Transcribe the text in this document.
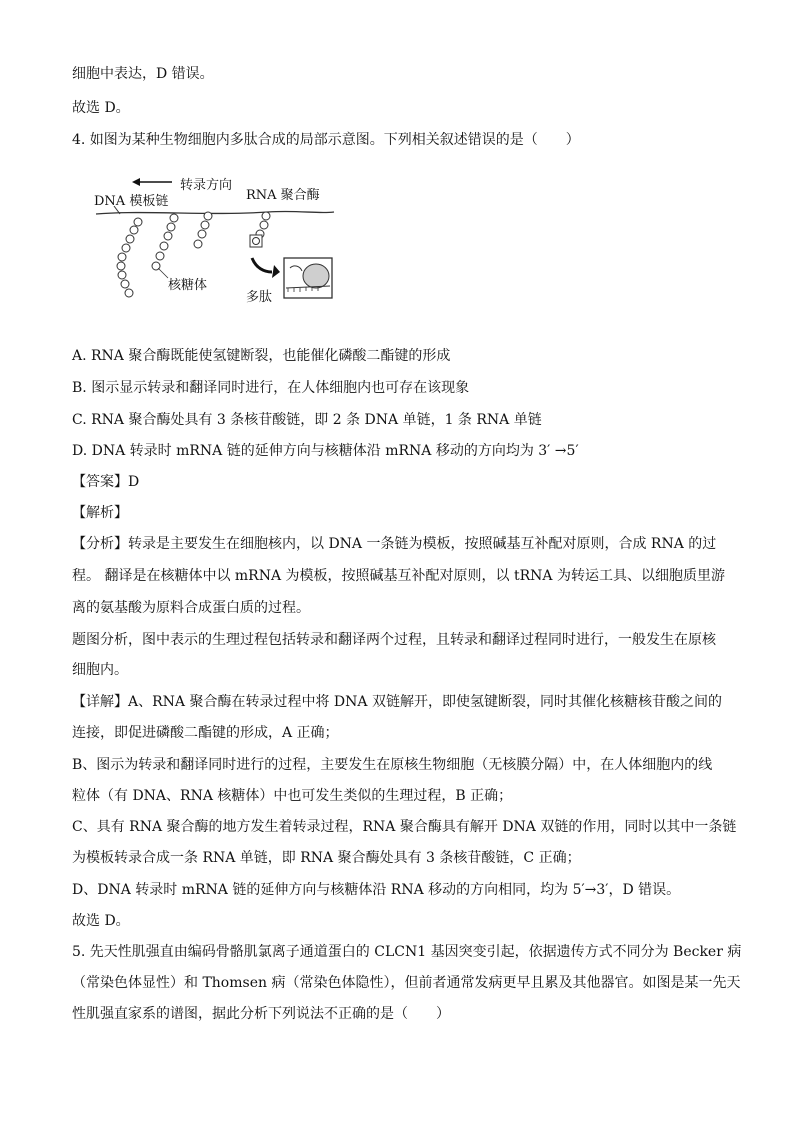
细胞中表达，D 错误。
故选 D。
4. 如图为某种生物细胞内多肽合成的局部示意图。下列相关叙述错误的是（　　）
转录方向
DNA 模板链	RNA 聚合酶
核糖体
多肽
A. RNA 聚合酶既能使氢键断裂，也能催化磷酸二酯键的形成
B. 图示显示转录和翻译同时进行，在人体细胞内也可存在该现象
C. RNA 聚合酶处具有 3 条核苷酸链，即 2 条 DNA 单链，1 条 RNA 单链
D. DNA 转录时 mRNA 链的延伸方向与核糖体沿 mRNA 移动的方向均为 3′ →5′
【答案】D
【解析】
【分析】转录是主要发生在细胞核内，以 DNA 一条链为模板，按照碱基互补配对原则，合成 RNA 的过
程。 翻译是在核糖体中以 mRNA 为模板，按照碱基互补配对原则，以 tRNA 为转运工具、以细胞质里游
离的氨基酸为原料合成蛋白质的过程。
题图分析，图中表示的生理过程包括转录和翻译两个过程，且转录和翻译过程同时进行，一般发生在原核
细胞内。
【详解】A、RNA 聚合酶在转录过程中将 DNA 双链解开，即使氢键断裂，同时其催化核糖核苷酸之间的
连接，即促进磷酸二酯键的形成，A 正确；
B、图示为转录和翻译同时进行的过程，主要发生在原核生物细胞（无核膜分隔）中，在人体细胞内的线
粒体（有 DNA、RNA 核糖体）中也可发生类似的生理过程，B 正确；
C、具有 RNA 聚合酶的地方发生着转录过程，RNA 聚合酶具有解开 DNA 双链的作用，同时以其中一条链
为模板转录合成一条 RNA 单链，即 RNA 聚合酶处具有 3 条核苷酸链，C 正确；
D、DNA 转录时 mRNA 链的延伸方向与核糖体沿 RNA 移动的方向相同，均为 5′→3′，D 错误。
故选 D。
5. 先天性肌强直由编码骨骼肌氯离子通道蛋白的 CLCN1 基因突变引起，依据遗传方式不同分为 Becker 病
（常染色体显性）和 Thomsen 病（常染色体隐性），但前者通常发病更早且累及其他器官。如图是某一先天
性肌强直家系的谱图，据此分析下列说法不正确的是（　　）
